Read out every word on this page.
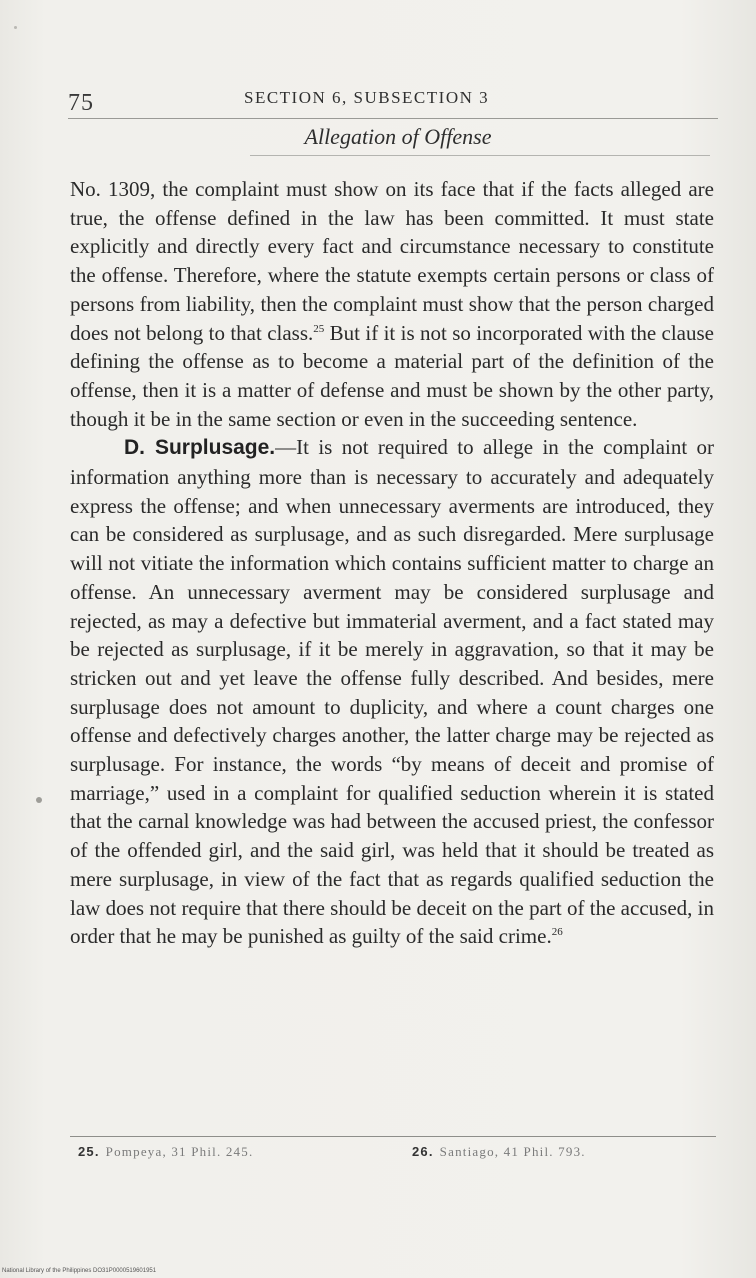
75	SECTION 6, SUBSECTION 3
Allegation of Offense

No. 1309, the complaint must show on its face that if the facts alleged are true, the offense defined in the law has been committed. It must state explicitly and directly every fact and circumstance necessary to constitute the offense. Therefore, where the statute exempts certain persons or class of persons from liability, then the complaint must show that the person charged does not belong to that class.$^{25}$ But if it is not so incorporated with the clause defining the offense as to become a material part of the definition of the offense, then it is a matter of defense and must be shown by the other party, though it be in the same section or even in the succeeding sentence.

D. Surplusage.—It is not required to allege in the complaint or information anything more than is necessary to accurately and adequately express the offense; and when unnecessary averments are introduced, they can be considered as surplusage, and as such disregarded. Mere surplusage will not vitiate the information which contains sufficient matter to charge an offense. An unnecessary averment may be considered surplusage and rejected, as may a defective but immaterial averment, and a fact stated may be rejected as surplusage, if it be merely in aggravation, so that it may be stricken out and yet leave the offense fully described. And besides, mere surplusage does not amount to duplicity, and where a count charges one offense and defectively charges another, the latter charge may be rejected as surplusage. For instance, the words “by means of deceit and promise of marriage,” used in a complaint for qualified seduction wherein it is stated that the carnal knowledge was had between the accused priest, the confessor of the offended girl, and the said girl, was held that it should be treated as mere surplusage, in view of the fact that as regards qualified seduction the law does not require that there should be deceit on the part of the accused, in order that he may be punished as guilty of the said crime.$^{26}$

25. Pompeya, 31 Phil. 245.	26. Santiago, 41 Phil. 793.
National Library of the Philippines DO31P0000519601951
